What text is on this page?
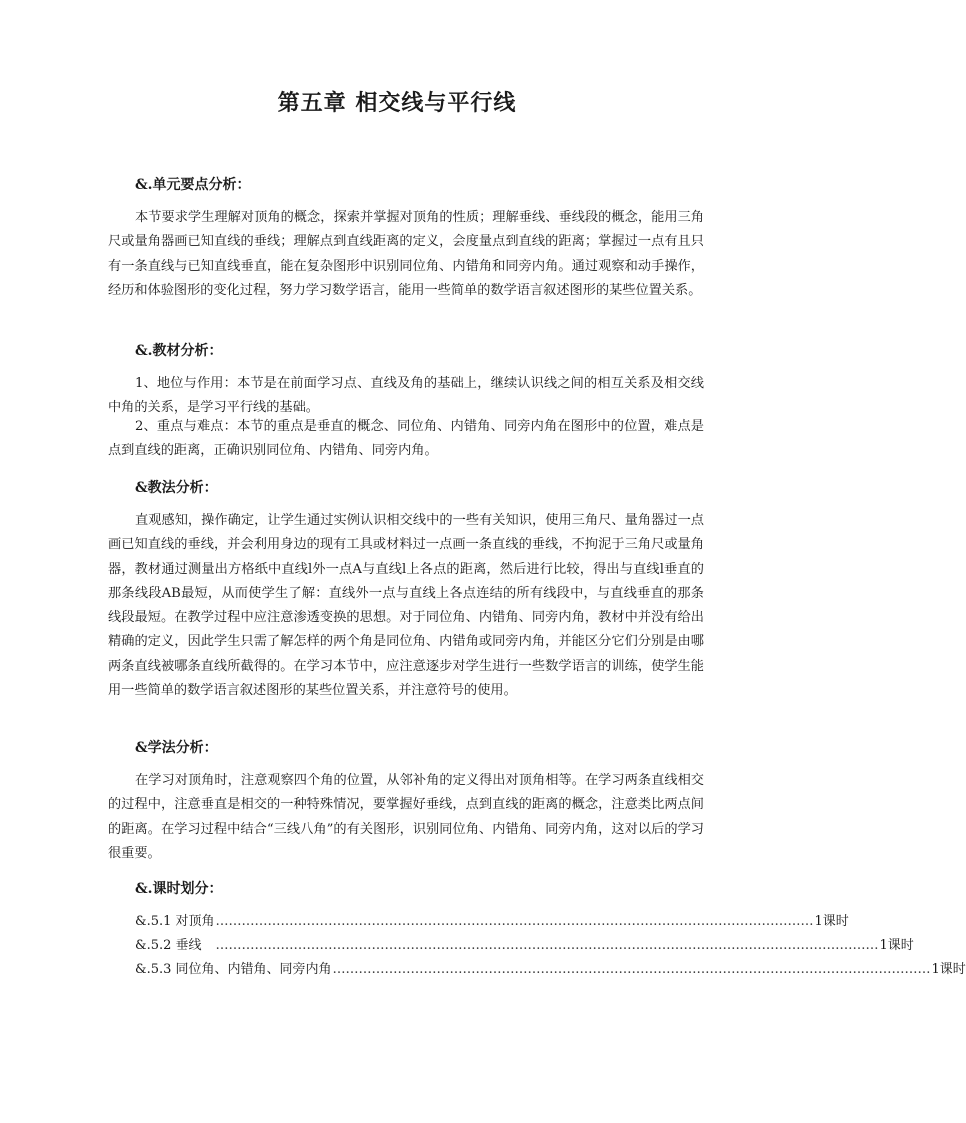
第五章 相交线与平行线
&.单元要点分析：

本节要求学生理解对顶角的概念，探索并掌握对顶角的性质；理解垂线、垂线段的概念，能用三角尺或量角器画已知直线的垂线；理解点到直线距离的定义，会度量点到直线的距离；掌握过一点有且只有一条直线与已知直线垂直，能在复杂图形中识别同位角、内错角和同旁内角。通过观察和动手操作，经历和体验图形的变化过程，努力学习数学语言，能用一些简单的数学语言叙述图形的某些位置关系。

&.教材分析：

1、地位与作用：本节是在前面学习点、直线及角的基础上，继续认识线之间的相互关系及相交线中角的关系，是学习平行线的基础。

2、重点与难点：本节的重点是垂直的概念、同位角、内错角、同旁内角在图形中的位置，难点是点到直线的距离，正确识别同位角、内错角、同旁内角。

&教法分析：

直观感知，操作确定，让学生通过实例认识相交线中的一些有关知识，使用三角尺、量角器过一点画已知直线的垂线，并会利用身边的现有工具或材料过一点画一条直线的垂线，不拘泥于三角尺或量角器，教材通过测量出方格纸中直线l外一点A与直线l上各点的距离，然后进行比较，得出与直线l垂直的那条线段AB最短，从而使学生了解：直线外一点与直线上各点连结的所有线段中，与直线垂直的那条线段最短。在教学过程中应注意渗透变换的思想。对于同位角、内错角、同旁内角，教材中并没有给出精确的定义，因此学生只需了解怎样的两个角是同位角、内错角或同旁内角，并能区分它们分别是由哪两条直线被哪条直线所截得的。在学习本节中，应注意逐步对学生进行一些数学语言的训练，使学生能用一些简单的数学语言叙述图形的某些位置关系，并注意符号的使用。

&学法分析：

在学习对顶角时，注意观察四个角的位置，从邻补角的定义得出对顶角相等。在学习两条直线相交的过程中，注意垂直是相交的一种特殊情况，要掌握好垂线，点到直线的距离的概念，注意类比两点间的距离。在学习过程中结合“三线八角”的有关图形，识别同位角、内错角、同旁内角，这对以后的学习很重要。

&.课时划分：
&.5.1 对顶角 ………………………………………………………………………………………………………………………… 1课时
&.5.2 垂线 ……………………………………………………………………………………………………………………………………… 1课时
&.5.3 同位角、内错角、同旁内角 ………………………………………………………………………………………………………………………… 1课时
